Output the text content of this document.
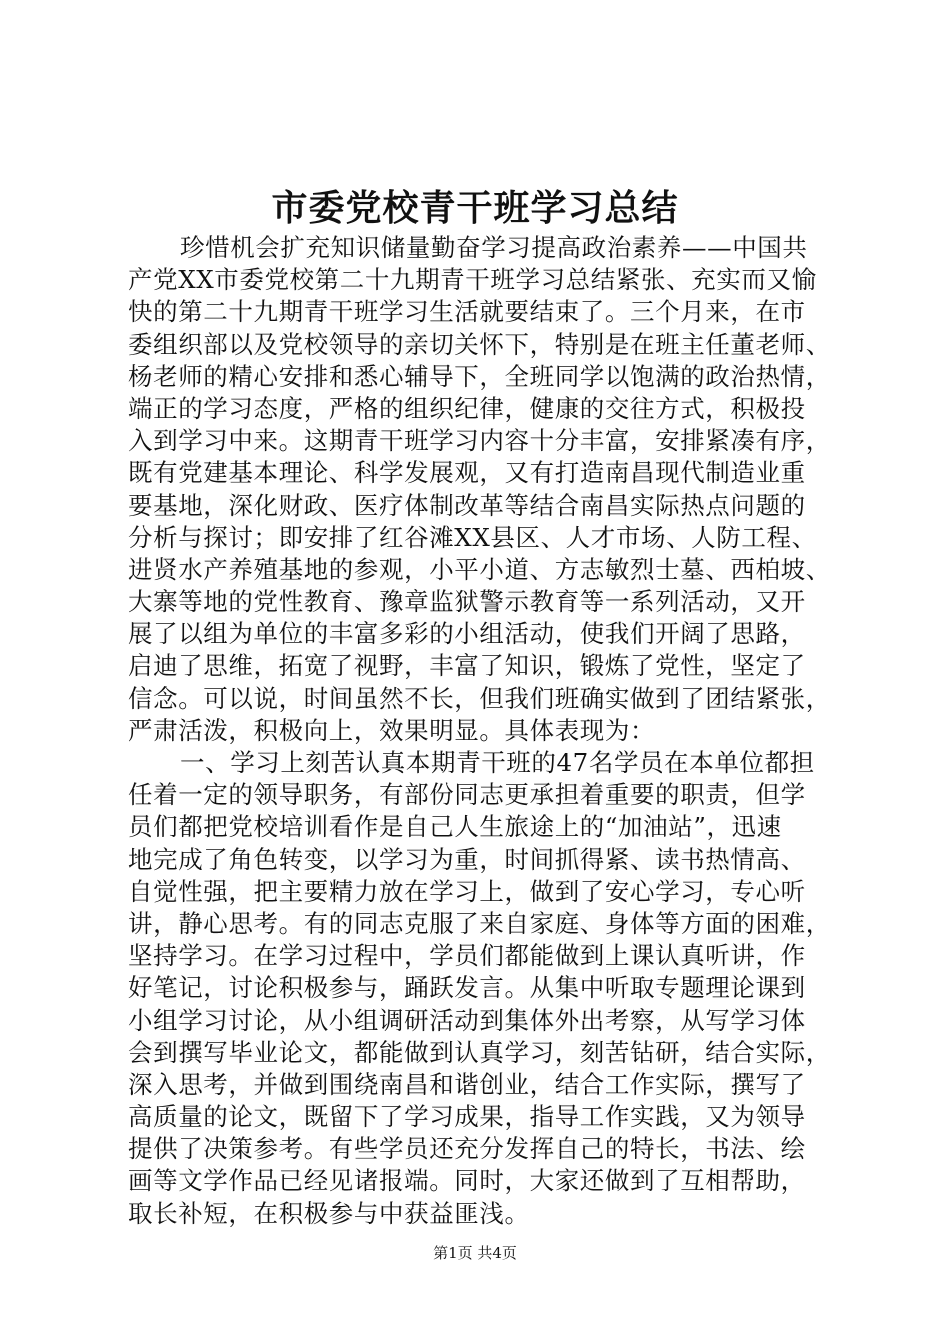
市委党校青干班学习总结
珍惜机会扩充知识储量勤奋学习提高政治素养——中国共
产党XX市委党校第二十九期青干班学习总结紧张、充实而又愉
快的第二十九期青干班学习生活就要结束了。三个月来，在市
委组织部以及党校领导的亲切关怀下，特别是在班主任董老师、
杨老师的精心安排和悉心辅导下，全班同学以饱满的政治热情，
端正的学习态度，严格的组织纪律，健康的交往方式，积极投
入到学习中来。这期青干班学习内容十分丰富，安排紧凑有序，
既有党建基本理论、科学发展观，又有打造南昌现代制造业重
要基地，深化财政、医疗体制改革等结合南昌实际热点问题的
分析与探讨；即安排了红谷滩XX县区、人才市场、人防工程、
进贤水产养殖基地的参观，小平小道、方志敏烈士墓、西柏坡、
大寨等地的党性教育、豫章监狱警示教育等一系列活动，又开
展了以组为单位的丰富多彩的小组活动，使我们开阔了思路，
启迪了思维，拓宽了视野，丰富了知识，锻炼了党性，坚定了
信念。可以说，时间虽然不长，但我们班确实做到了团结紧张，
严肃活泼，积极向上，效果明显。具体表现为：
一、学习上刻苦认真本期青干班的47名学员在本单位都担
任着一定的领导职务，有部份同志更承担着重要的职责，但学
员们都把党校培训看作是自己人生旅途上的“加油站”，迅速
地完成了角色转变，以学习为重，时间抓得紧、读书热情高、
自觉性强，把主要精力放在学习上，做到了安心学习，专心听
讲，静心思考。有的同志克服了来自家庭、身体等方面的困难，
坚持学习。在学习过程中，学员们都能做到上课认真听讲，作
好笔记，讨论积极参与，踊跃发言。从集中听取专题理论课到
小组学习讨论，从小组调研活动到集体外出考察，从写学习体
会到撰写毕业论文，都能做到认真学习，刻苦钻研，结合实际，
深入思考，并做到围绕南昌和谐创业，结合工作实际，撰写了
高质量的论文，既留下了学习成果，指导工作实践，又为领导
提供了决策参考。有些学员还充分发挥自己的特长，书法、绘
画等文学作品已经见诸报端。同时，大家还做到了互相帮助，
取长补短，在积极参与中获益匪浅。
第1页 共4页
